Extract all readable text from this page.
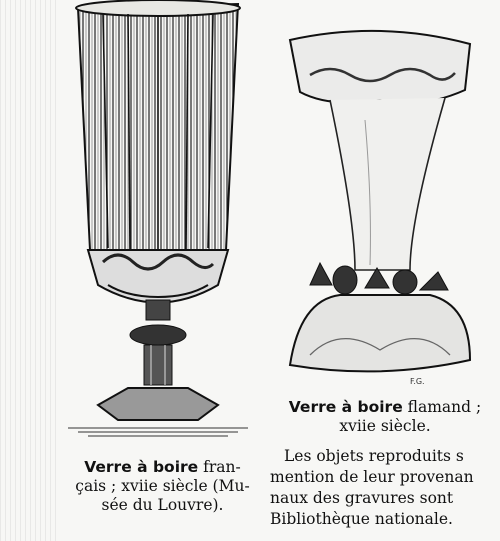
F.G.
Verre à boire fran-
çais ; xviie siècle (Mu-
sée du Louvre).
Verre à boire flamand ;
xviie siècle.
Les objets reproduits s
mention de leur provenan
naux des gravures sont
Bibliothèque nationale.
